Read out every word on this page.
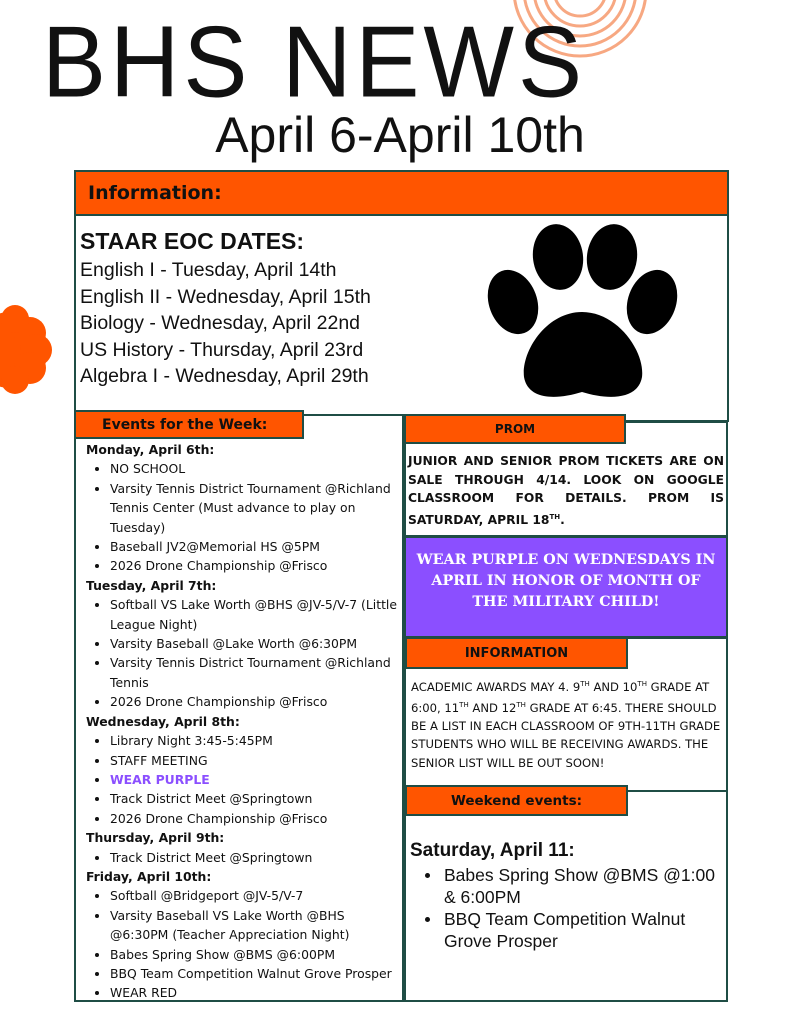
BHS NEWS
April 6-April 10th
Information:
STAAR EOC DATES:
English I - Tuesday, April 14th
English II - Wednesday, April 15th
Biology - Wednesday, April 22nd
US History - Thursday, April 23rd
Algebra I - Wednesday, April 29th
Events for the Week:
Monday, April 6th:
NO SCHOOL
Varsity Tennis District Tournament @Richland Tennis Center (Must advance to play on Tuesday)
Baseball JV2@Memorial HS @5PM
2026 Drone Championship @Frisco
Tuesday, April 7th:
Softball VS Lake Worth @BHS @JV-5/V-7 (Little League Night)
Varsity Baseball @Lake Worth @6:30PM
Varsity Tennis District Tournament @Richland Tennis
2026 Drone Championship @Frisco
Wednesday, April 8th:
Library Night 3:45-5:45PM
STAFF MEETING
WEAR PURPLE
Track District Meet @Springtown
2026 Drone Championship @Frisco
Thursday, April 9th:
Track District Meet @Springtown
Friday, April 10th:
Softball @Bridgeport @JV-5/V-7
Varsity Baseball VS Lake Worth @BHS @6:30PM (Teacher Appreciation Night)
Babes Spring Show @BMS @6:00PM
BBQ Team Competition Walnut Grove Prosper
WEAR RED
PROM
JUNIOR AND SENIOR PROM TICKETS ARE ON SALE THROUGH 4/14. LOOK ON GOOGLE CLASSROOM FOR DETAILS. PROM IS SATURDAY, APRIL 18TH.
WEAR PURPLE ON WEDNESDAYS IN APRIL IN HONOR OF MONTH OF THE MILITARY CHILD!
INFORMATION
ACADEMIC AWARDS MAY 4. 9TH AND 10TH GRADE AT 6:00, 11TH AND 12TH GRADE AT 6:45. THERE SHOULD BE A LIST IN EACH CLASSROOM OF 9TH-11TH GRADE STUDENTS WHO WILL BE RECEIVING AWARDS. THE SENIOR LIST WILL BE OUT SOON!
Weekend events:
Saturday, April 11:
Babes Spring Show @BMS @1:00 & 6:00PM
BBQ Team Competition Walnut Grove Prosper
